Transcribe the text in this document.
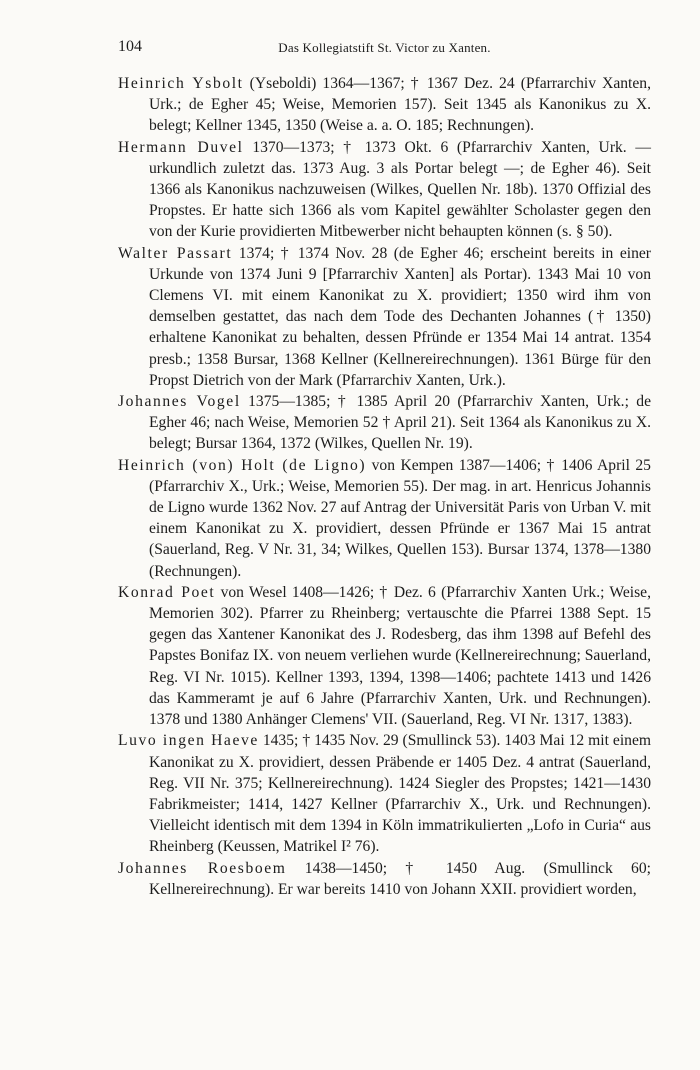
104	Das Kollegiatstift St. Victor zu Xanten.

Heinrich Ysbolt (Yseboldi) 1364—1367; † 1367 Dez. 24 (Pfarrarchiv Xanten, Urk.; de Egher 45; Weise, Memorien 157). Seit 1345 als Kanonikus zu X. belegt; Kellner 1345, 1350 (Weise a. a. O. 185; Rechnungen).

Hermann Duvel 1370—1373; † 1373 Okt. 6 (Pfarrarchiv Xanten, Urk. — urkundlich zuletzt das. 1373 Aug. 3 als Portar belegt —; de Egher 46). Seit 1366 als Kanonikus nachzuweisen (Wilkes, Quellen Nr. 18b). 1370 Offizial des Propstes. Er hatte sich 1366 als vom Kapitel gewählter Scholaster gegen den von der Kurie providierten Mitbewerber nicht behaupten können (s. § 50).

Walter Passart 1374; † 1374 Nov. 28 (de Egher 46; erscheint bereits in einer Urkunde von 1374 Juni 9 [Pfarrarchiv Xanten] als Portar). 1343 Mai 10 von Clemens VI. mit einem Kanonikat zu X. providiert; 1350 wird ihm von demselben gestattet, das nach dem Tode des Dechanten Johannes († 1350) erhaltene Kanonikat zu behalten, dessen Pfründe er 1354 Mai 14 antrat. 1354 presb.; 1358 Bursar, 1368 Kellner (Kellnereirechnungen). 1361 Bürge für den Propst Dietrich von der Mark (Pfarrarchiv Xanten, Urk.).

Johannes Vogel 1375—1385; † 1385 April 20 (Pfarrarchiv Xanten, Urk.; de Egher 46; nach Weise, Memorien 52 † April 21). Seit 1364 als Kanonikus zu X. belegt; Bursar 1364, 1372 (Wilkes, Quellen Nr. 19).

Heinrich (von) Holt (de Ligno) von Kempen 1387—1406; † 1406 April 25 (Pfarrarchiv X., Urk.; Weise, Memorien 55). Der mag. in art. Henricus Johannis de Ligno wurde 1362 Nov. 27 auf Antrag der Universität Paris von Urban V. mit einem Kanonikat zu X. providiert, dessen Pfründe er 1367 Mai 15 antrat (Sauerland, Reg. V Nr. 31, 34; Wilkes, Quellen 153). Bursar 1374, 1378—1380 (Rechnungen).

Konrad Poet von Wesel 1408—1426; † Dez. 6 (Pfarrarchiv Xanten Urk.; Weise, Memorien 302). Pfarrer zu Rheinberg; vertauschte die Pfarrei 1388 Sept. 15 gegen das Xantener Kanonikat des J. Rodesberg, das ihm 1398 auf Befehl des Papstes Bonifaz IX. von neuem verliehen wurde (Kellnereirechnung; Sauerland, Reg. VI Nr. 1015). Kellner 1393, 1394, 1398—1406; pachtete 1413 und 1426 das Kammeramt je auf 6 Jahre (Pfarrarchiv Xanten, Urk. und Rechnungen). 1378 und 1380 Anhänger Clemens' VII. (Sauerland, Reg. VI Nr. 1317, 1383).

Luvo ingen Haeve 1435; † 1435 Nov. 29 (Smullinck 53). 1403 Mai 12 mit einem Kanonikat zu X. providiert, dessen Präbende er 1405 Dez. 4 antrat (Sauerland, Reg. VII Nr. 375; Kellnereirechnung). 1424 Siegler des Propstes; 1421—1430 Fabrikmeister; 1414, 1427 Kellner (Pfarrarchiv X., Urk. und Rechnungen). Vielleicht identisch mit dem 1394 in Köln immatrikulierten „Lofo in Curia“ aus Rheinberg (Keussen, Matrikel I² 76).

Johannes Roesboem 1438—1450; † 1450 Aug. (Smullinck 60; Kellnereirechnung). Er war bereits 1410 von Johann XXII. providiert worden,
